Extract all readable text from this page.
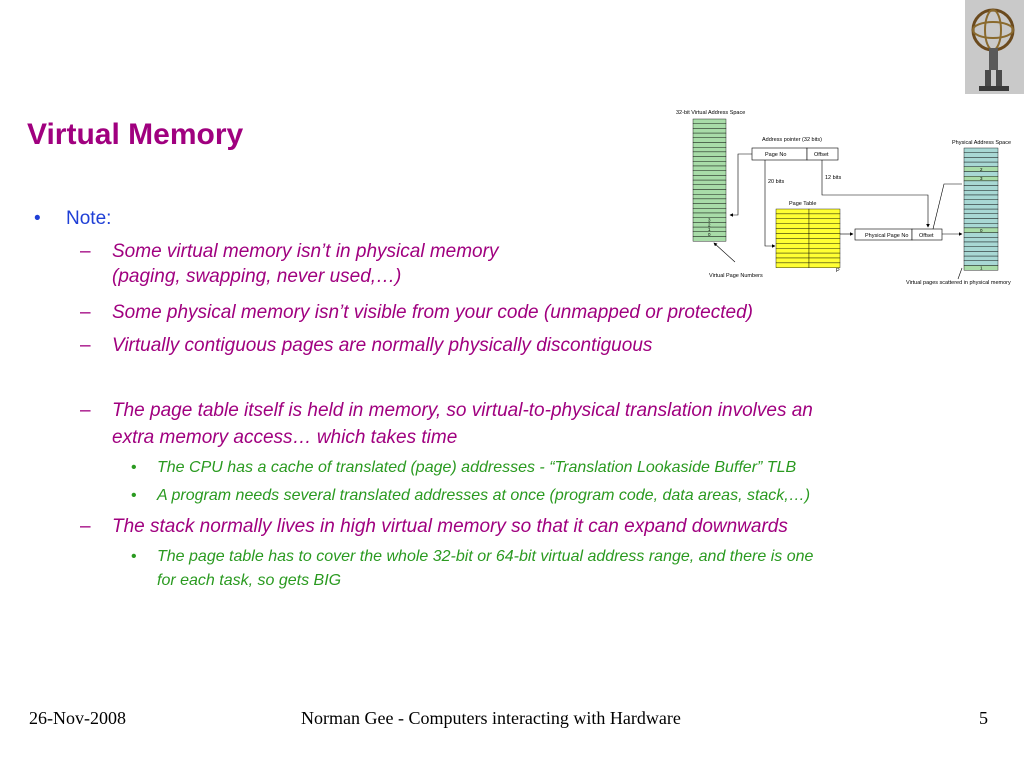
Virtual Memory
• Note:
– Some virtual memory isn’t in physical memory
(paging, swapping, never used,…)
– Some physical memory isn’t visible from your code (unmapped or protected)
– Virtually contiguous pages are normally physically discontiguous
– The page table itself is held in memory, so virtual-to-physical translation involves an
extra memory access… which takes time
• The CPU has a cache of translated (page) addresses - “Translation Lookaside Buffer” TLB
• A program needs several translated addresses at once (program code, data areas, stack,…)
– The stack normally lives in high virtual memory so that it can expand downwards
• The page table has to cover the whole 32-bit or 64-bit virtual address range, and there is one
for each task, so gets BIG
32-bit Virtual Address Space
3
2
1
0
Address pointer (32 bits)
Page No	Offset
20 bits
12 bits
Page Table
P
Physical Page No Offset
Physical Address Space
2
3
0
1
Virtual Page Numbers
Virtual pages scattered in physical memory
26-Nov-2008	Norman Gee - Computers interacting with Hardware	5
